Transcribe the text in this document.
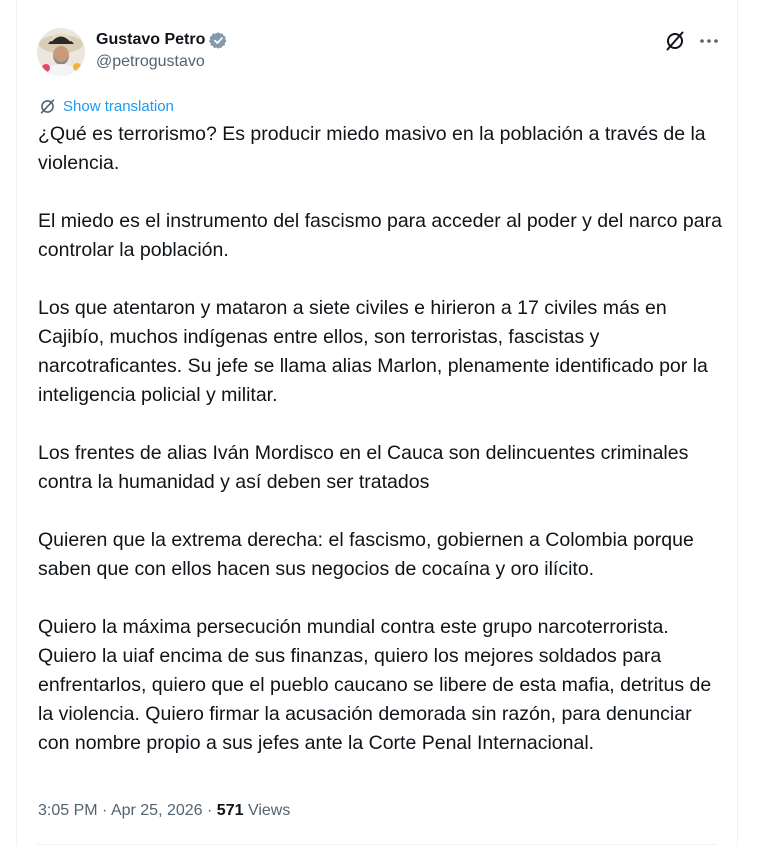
Gustavo Petro
@petrogustavo
Show translation

¿Qué es terrorismo? Es producir miedo masivo en la población a través de la violencia.

El miedo es el instrumento del fascismo para acceder al poder y del narco para controlar la población.

Los que atentaron y mataron a siete civiles e hirieron a 17 civiles más en Cajibío, muchos indígenas entre ellos, son terroristas, fascistas y narcotraficantes. Su jefe se llama alias Marlon, plenamente identificado por la inteligencia policial y militar.

Los frentes de alias Iván Mordisco en el Cauca son delincuentes criminales contra la humanidad y así deben ser tratados

Quieren que la extrema derecha: el fascismo, gobiernen a Colombia porque saben que con ellos hacen sus negocios de cocaína y oro ilícito.

Quiero la máxima persecución mundial contra este grupo narcoterrorista. Quiero la uiaf encima de sus finanzas, quiero los mejores soldados para enfrentarlos, quiero que el pueblo caucano se libere de esta mafia, detritus de la violencia. Quiero firmar la acusación demorada sin razón, para denunciar con nombre propio a sus jefes ante la Corte Penal Internacional.

3:05 PM · Apr 25, 2026 · 571 Views
